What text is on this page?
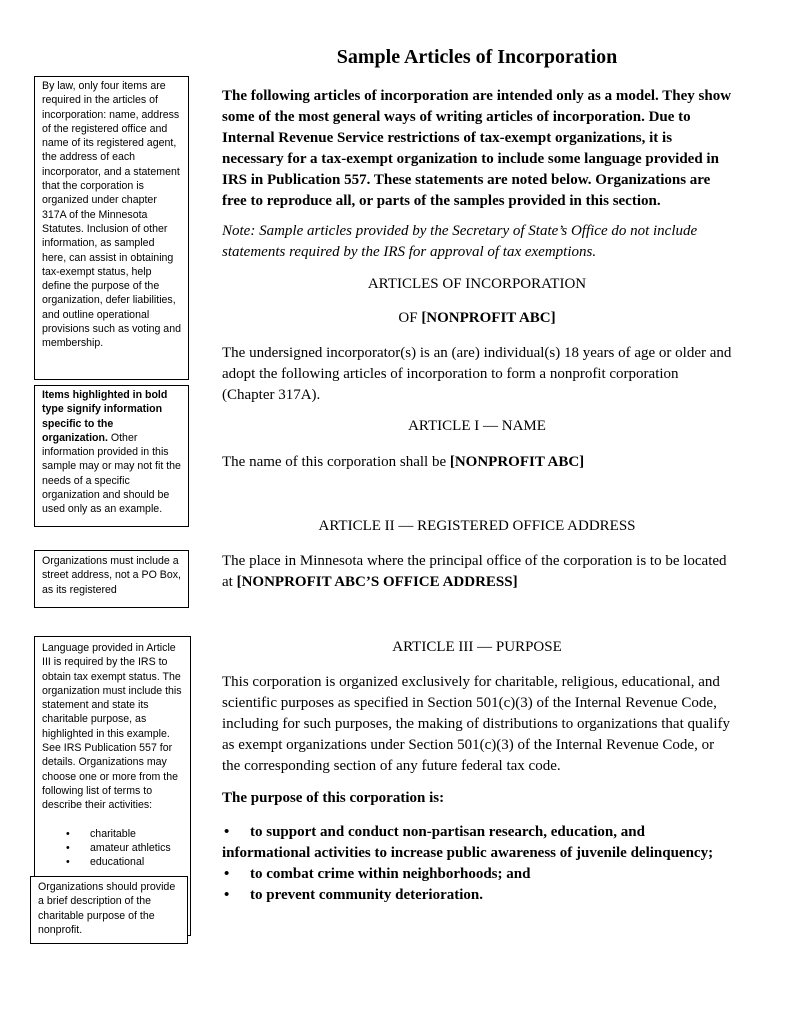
Sample Articles of Incorporation
The following articles of incorporation are intended only as a model. They show some of the most general ways of writing articles of incorporation. Due to Internal Revenue Service restrictions of tax-exempt organizations, it is necessary for a tax-exempt organization to include some language provided in IRS in Publication 557. These statements are noted below. Organizations are free to reproduce all, or parts of the samples provided in this section.
Note: Sample articles provided by the Secretary of State’s Office do not include statements required by the IRS for approval of tax exemptions.
ARTICLES OF INCORPORATION
OF [NONPROFIT ABC]
The undersigned incorporator(s) is an (are) individual(s) 18 years of age or older and adopt the following articles of incorporation to form a nonprofit corporation (Chapter 317A).
ARTICLE I — NAME
The name of this corporation shall be [NONPROFIT ABC]
ARTICLE II — REGISTERED OFFICE ADDRESS
The place in Minnesota where the principal office of the corporation is to be located at [NONPROFIT ABC’S OFFICE ADDRESS]
ARTICLE III — PURPOSE
This corporation is organized exclusively for charitable, religious, educational, and scientific purposes as specified in Section 501(c)(3) of the Internal Revenue Code, including for such purposes, the making of distributions to organizations that qualify as exempt organizations under Section 501(c)(3) of the Internal Revenue Code, or the corresponding section of any future federal tax code.
The purpose of this corporation is:
• to support and conduct non-partisan research, education, and
informational activities to increase public awareness of juvenile delinquency;
• to combat crime within neighborhoods; and
• to prevent community deterioration.
By law, only four items are required in the articles of incorporation: name, address of the registered office and name of its registered agent, the address of each incorporator, and a statement that the corporation is organized under chapter 317A of the Minnesota Statutes. Inclusion of other information, as sampled here, can assist in obtaining tax-exempt status, help define the purpose of the organization, defer liabilities, and outline operational provisions such as voting and membership.
Items highlighted in bold type signify information specific to the organization. Other information provided in this sample may or may not fit the needs of a specific organization and should be used only as an example.
Organizations must include a street address, not a PO Box, as its registered
Language provided in Article III is required by the IRS to obtain tax exempt status. The organization must include this statement and state its charitable purpose, as highlighted in this example. See IRS Publication 557 for details. Organizations may choose one or more from the following list of terms to describe their activities:
• charitable
• amateur athletics
• educational
Organizations should provide a brief description of the charitable purpose of the nonprofit.
